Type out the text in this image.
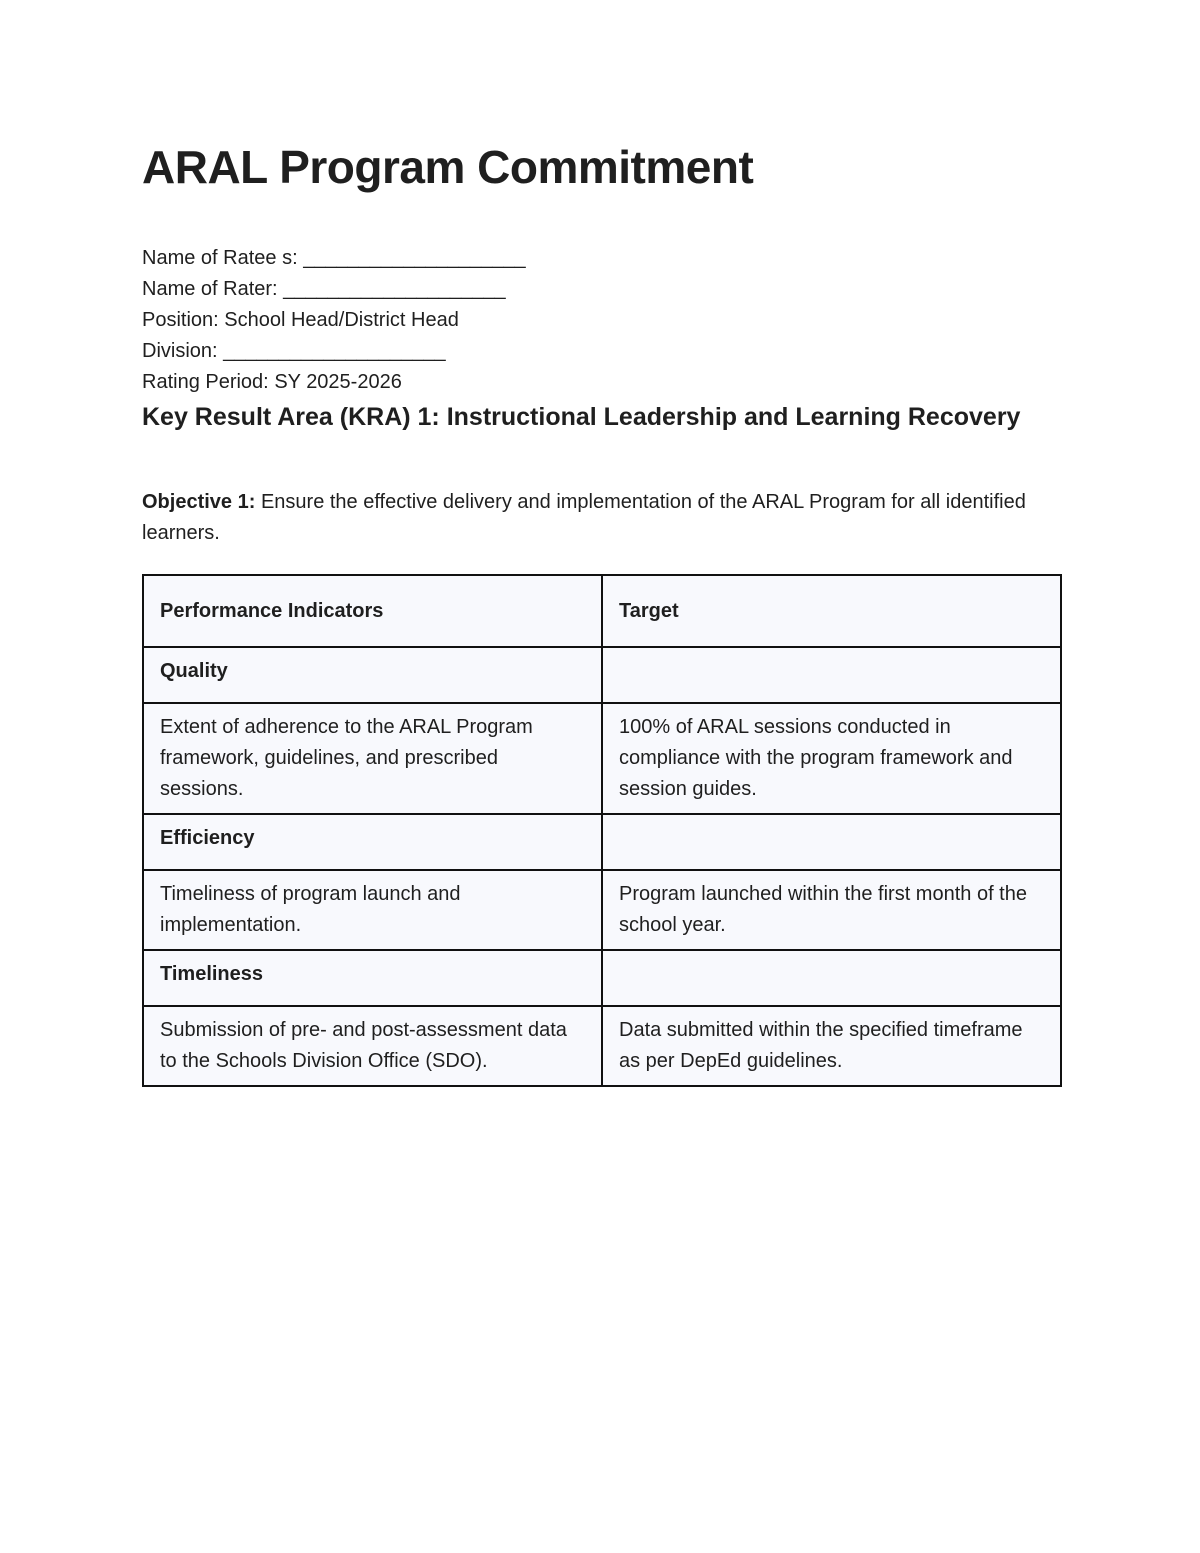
ARAL Program Commitment
Name of Ratee s: ____________________
Name of Rater: ____________________
Position: School Head/District Head
Division: ____________________
Rating Period: SY 2025-2026
Key Result Area (KRA) 1: Instructional Leadership and Learning Recovery

Objective 1: Ensure the effective delivery and implementation of the ARAL Program for all identified learners.

Performance Indicators	Target
Quality	
Extent of adherence to the ARAL Program framework, guidelines, and prescribed sessions.	100% of ARAL sessions conducted in compliance with the program framework and session guides.
Efficiency	
Timeliness of program launch and implementation.	Program launched within the first month of the school year.
Timeliness	
Submission of pre- and post-assessment data to the Schools Division Office (SDO).	Data submitted within the specified timeframe as per DepEd guidelines.
